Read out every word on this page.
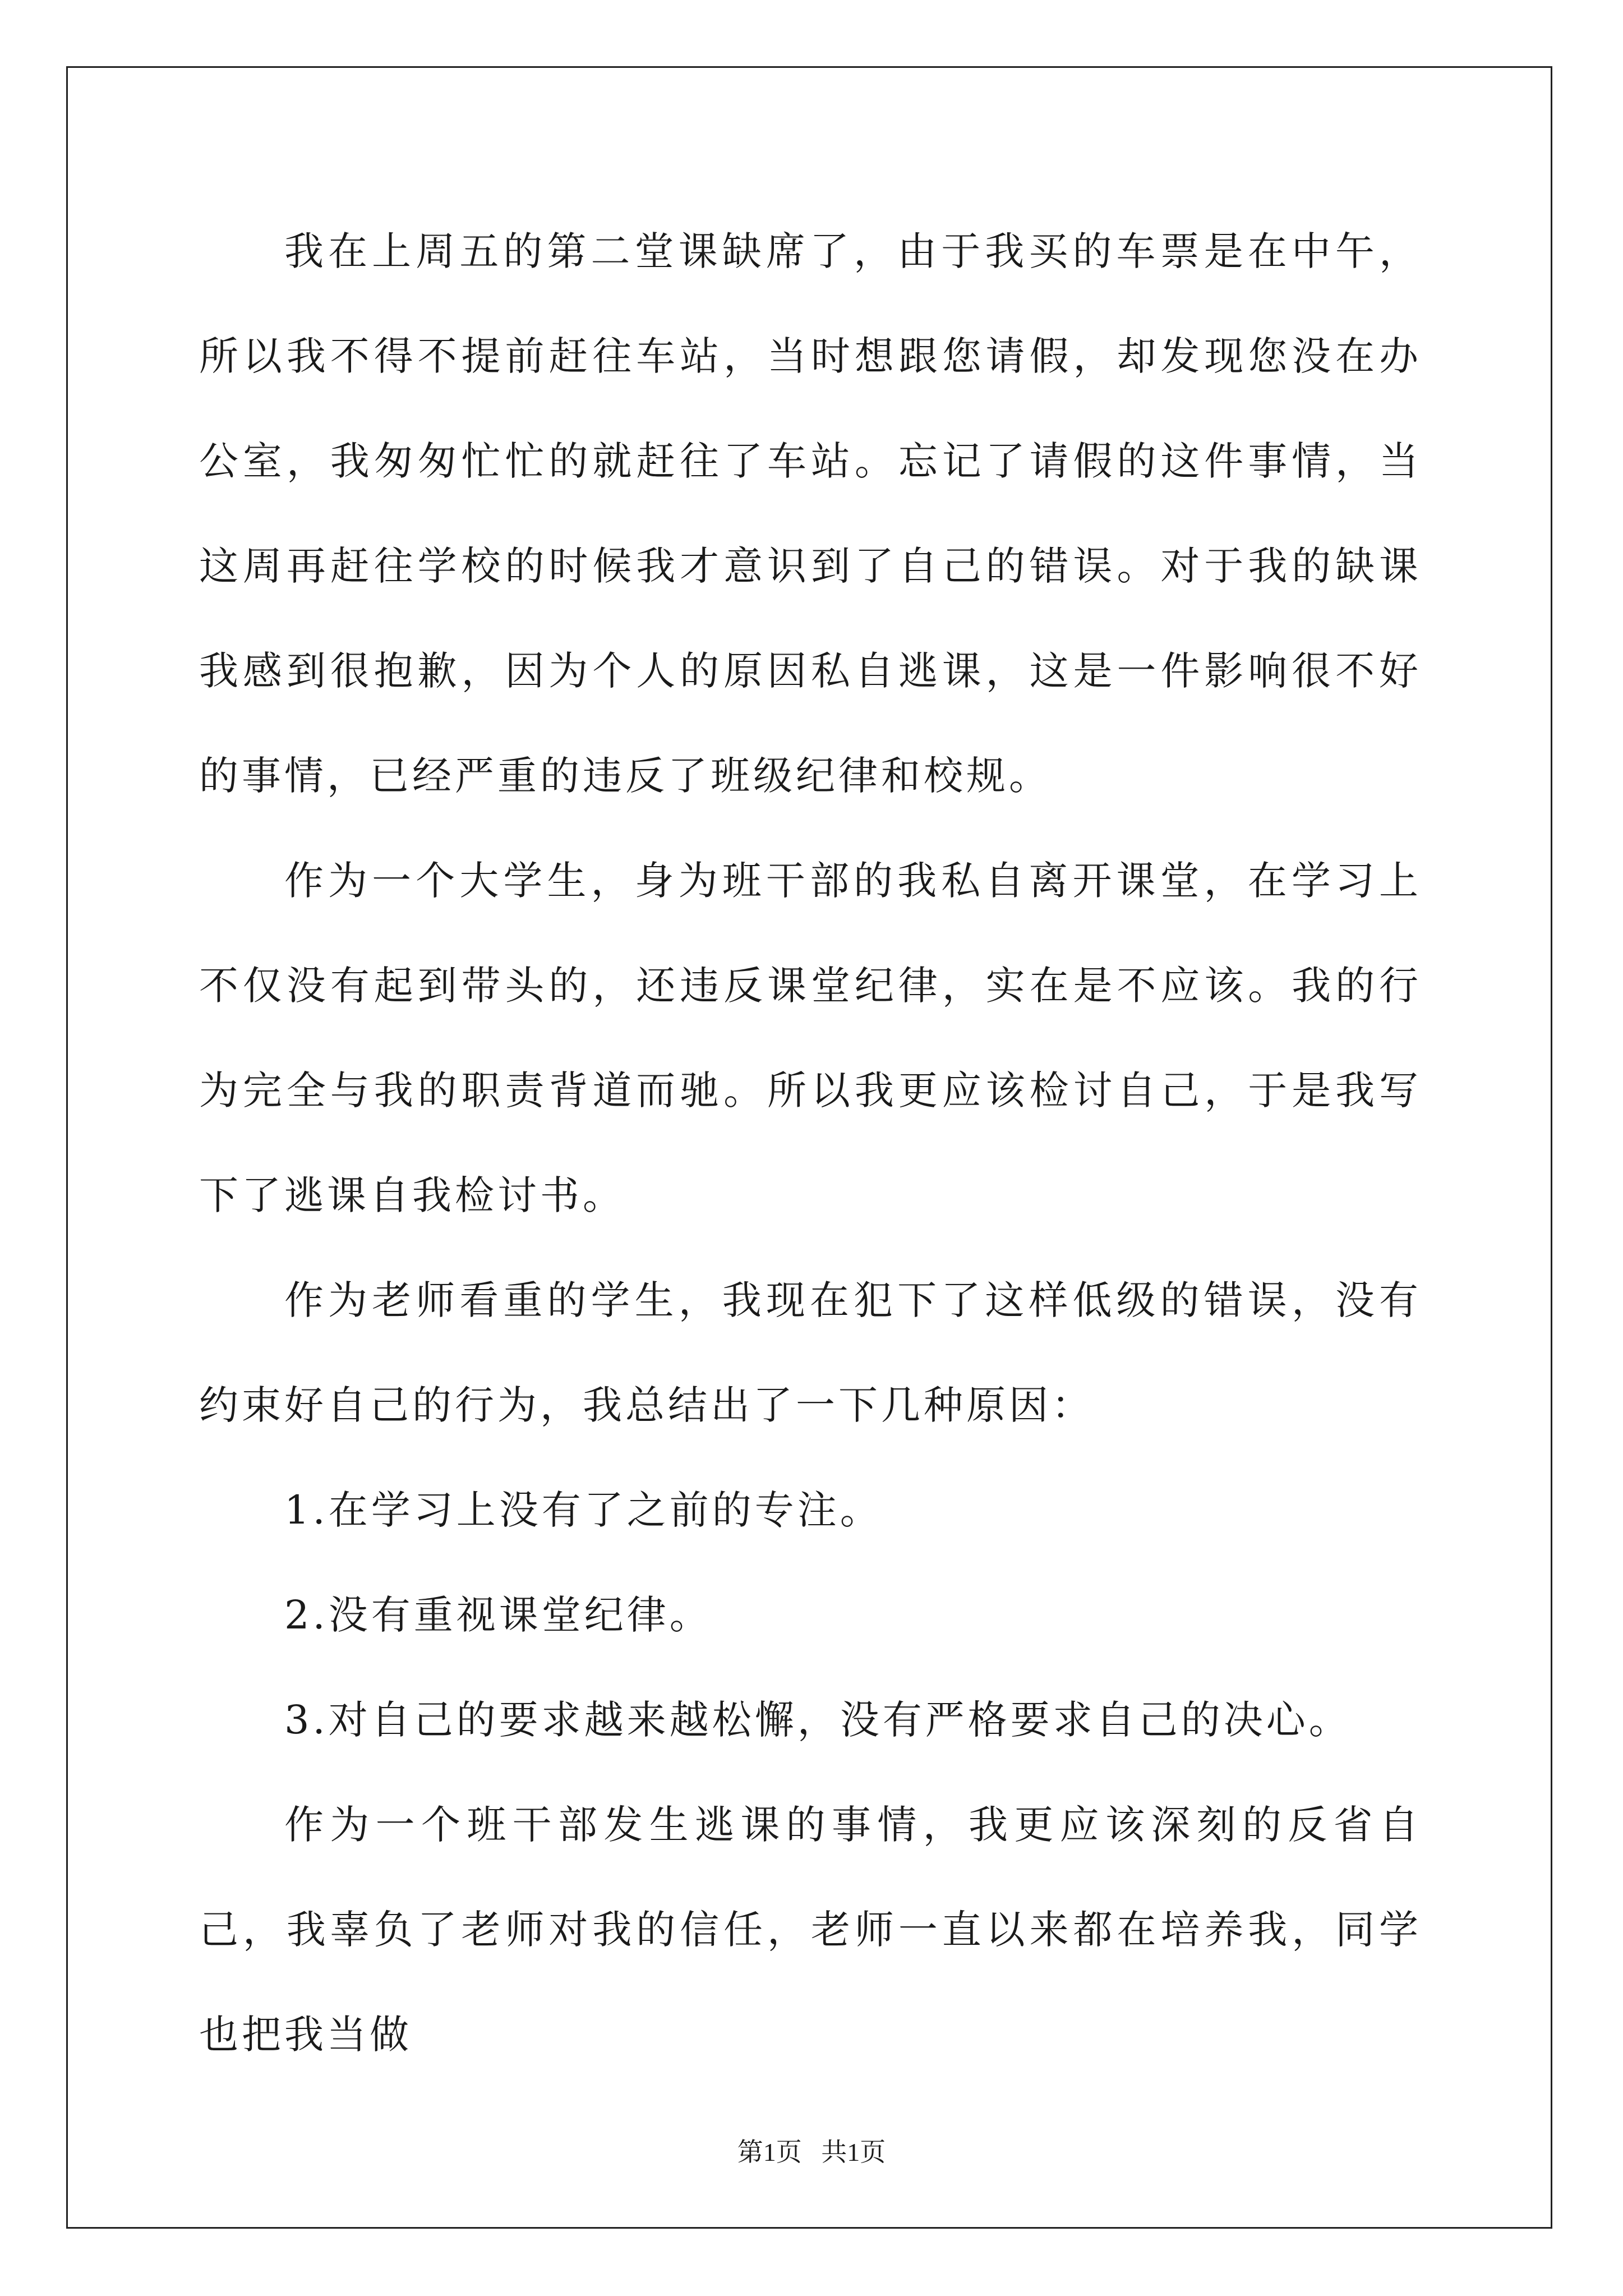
我在上周五的第二堂课缺席了，由于我买的车票是在中午，所以我不得不提前赶往车站，当时想跟您请假，却发现您没在办公室，我匆匆忙忙的就赶往了车站。忘记了请假的这件事情，当这周再赶往学校的时候我才意识到了自己的错误。对于我的缺课我感到很抱歉，因为个人的原因私自逃课，这是一件影响很不好的事情，已经严重的违反了班级纪律和校规。

作为一个大学生，身为班干部的我私自离开课堂，在学习上不仅没有起到带头的，还违反课堂纪律，实在是不应该。我的行为完全与我的职责背道而驰。所以我更应该检讨自己，于是我写下了逃课自我检讨书。

作为老师看重的学生，我现在犯下了这样低级的错误，没有约束好自己的行为，我总结出了一下几种原因：

1.在学习上没有了之前的专注。

2.没有重视课堂纪律。

3.对自己的要求越来越松懈，没有严格要求自己的决心。

作为一个班干部发生逃课的事情，我更应该深刻的反省自己，我辜负了老师对我的信任，老师一直以来都在培养我，同学也把我当做

第1页   共1页
